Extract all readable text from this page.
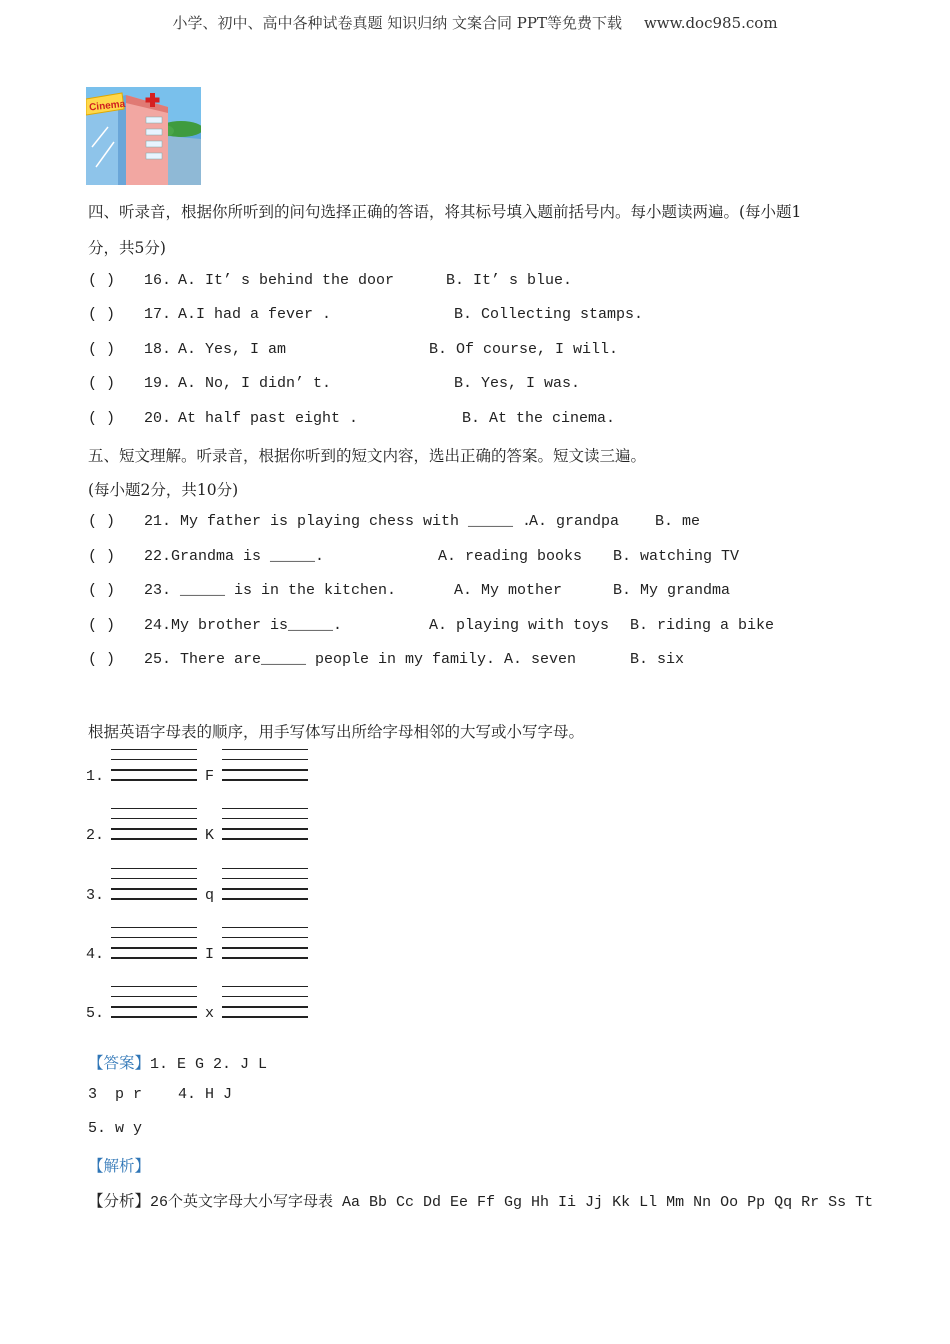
小学、初中、高中各种试卷真题 知识归纳 文案合同 PPT等免费下载 www.doc985.com
Cinema
四、听录音，根据你所听到的问句选择正确的答语，将其标号填入题前括号内。每小题读两遍。(每小题1
分，共5分)
( ) 16. A. It’ s behind the door	B. It’ s blue.
( ) 17. A.I had a fever .	B. Collecting stamps.
( ) 18. A. Yes, I am	B. Of course, I will.
( ) 19. A. No, I didn’ t.	B. Yes, I was.
( ) 20. At half past eight .	B. At the cinema.
五、短文理解。听录音，根据你听到的短文内容，选出正确的答案。短文读三遍。
(每小题2分，共10分)
( ) 21. My father is playing chess with _____ .
A. grandpa B. me
( ) 22.Grandma is _____.	A. reading books B. watching TV
( ) 23. _____ is in the kitchen.	A. My mother	B. My grandma
( ) 24.My brother is_____.	A. playing with toys B. riding a bike
( ) 25. There are_____ people in my family. A. seven	B. six
根据英语字母表的顺序，用手写体写出所给字母相邻的大写或小写字母。
1.	F
2.	K
3.	q
4.	I
5.	x
【答案】1. E G 2. J L
3  p r    4. H J
5. w y
【解析】
【分析】26个英文字母大小写字母表 Aa Bb Cc Dd Ee Ff Gg Hh Ii Jj Kk Ll Mm Nn Oo Pp Qq Rr Ss Tt
